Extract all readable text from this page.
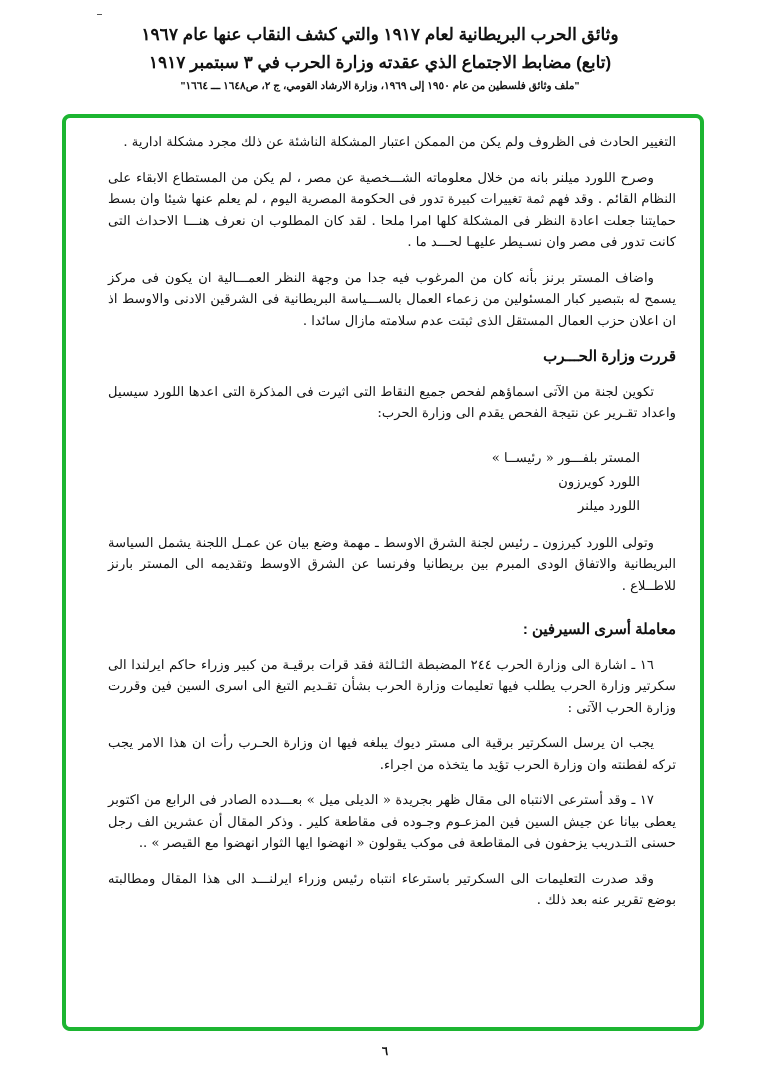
وثائق الحرب البريطانية لعام ١٩١٧ والتي كشف النقاب عنها عام ١٩٦٧

(تابع) مضابط الاجتماع الذي عقدته وزارة الحرب في ٣ سبتمبر ١٩١٧

"ملف وثائق فلسطين من عام ١٩٥٠ إلى ١٩٦٩، وزارة الارشاد القومي، ج ٢، ص١٦٤٨ ـــ ١٦٦٤"

التغيير الحادث فى الظروف ولم يكن من الممكن اعتبار المشكلة الناشئة عن ذلك مجرد مشكلة ادارية .

وصرح اللورد ميلنر بانه من خلال معلوماته الشـــخصية عن مصر ، لم يكن من المستطاع الابقاء على النظام القائم . وقد فهم ثمة تغييرات كبيرة تدور فى الحكومة المصرية اليوم ، لم يعلم عنها شيئا وان بسط حمايتنا جعلت اعادة النظر فى المشكلة كلها امرا ملحا . لقد كان المطلوب ان نعرف هنـــا الاحداث التى كانت تدور فى مصر وان نسـيطر عليهـا لحـــد ما .

واضاف المستر برنز بأنه كان من المرغوب فيه جدا من وجهة النظر العمـــالية ان يكون فى مركز يسمح له بتبصير كبار المسئولين من زعماء العمال بالســـياسة البريطانية فى الشرقين الادنى والاوسط اذ ان اعلان حزب العمال المستقل الذى ثبتت عدم سلامته مازال سائدا .

قررت وزارة الحـــرب

تكوين لجنة من الآتى اسماؤهم لفحص جميع النقاط التى اثيرت فى المذكرة التى اعدها اللورد سيسيل واعداد تقـرير عن نتيجة الفحص يقدم الى وزارة الحرب:

المستر بلفـــور « رئيســا »
اللورد كويرزون
اللورد ميلنر

وتولى اللورد كيرزون ـ رئيس لجنة الشرق الاوسط ـ مهمة وضع بيان عن عمـل اللجنة يشمل السياسة البريطانية والاتفاق الودى المبرم بين بريطانيا وفرنسا عن الشرق الاوسط وتقديمه الى المستر بارنز للاطــلاع .

معاملة أسرى السيرفين :

١٦ ـ اشارة الى وزارة الحرب ٢٤٤ المضبطة الثـالثة فقد قرات برقيـة من كبير وزراء حاكم ايرلندا الى سكرتير وزارة الحرب يطلب فيها تعليمات وزارة الحرب بشأن تقـديم التبغ الى اسرى السين فين وقررت وزارة الحرب الآتى :

يجب ان يرسل السكرتير برقية الى مستر ديوك يبلغه فيها ان وزارة الحـرب رأت ان هذا الامر يجب تركه لفطنته وان وزارة الحرب تؤيد ما يتخذه من اجراء.

١٧ ـ وقد أسترعى الانتباه الى مقال ظهر بجريدة « الديلى ميل » بعـــدده الصادر فى الرابع من اكتوبر يعطى بيانا عن جيش السين فين المزعـوم وجـوده فى مقاطعة كلير . وذكر المقال أن عشرين الف رجل حسنى التـدريب يزحفون فى المقاطعة فى موكب يقولون « انهضوا ايها الثوار انهضوا مع القيصر » ..

وقد صدرت التعليمات الى السكرتير باسترعاء انتباه رئيس وزراء ايرلنـــد الى هذا المقال ومطالبته بوضع تقرير عنه بعد ذلك .

٦
